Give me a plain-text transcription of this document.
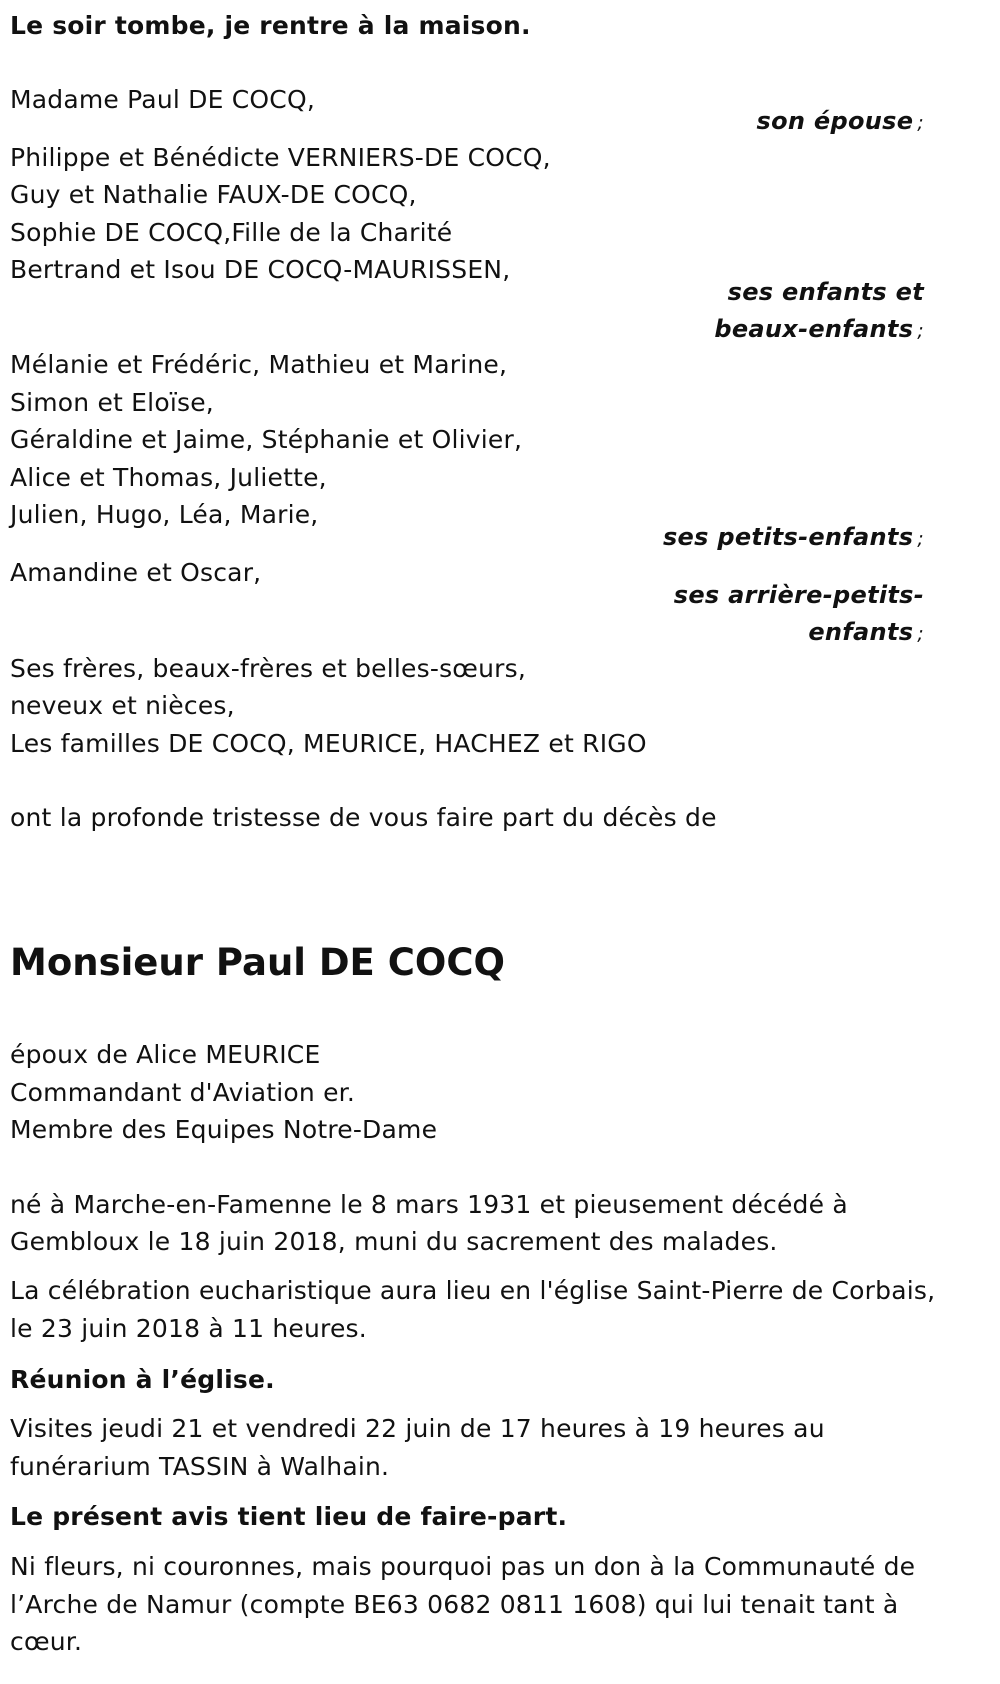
Le soir tombe, je rentre à la maison.
Madame Paul DE COCQ,
son épouse ;
Philippe et Bénédicte VERNIERS-DE COCQ,
Guy et Nathalie FAUX-DE COCQ,
Sophie DE COCQ,Fille de la Charité
Bertrand et Isou DE COCQ-MAURISSEN,
ses enfants et
beaux-enfants ;
Mélanie et Frédéric, Mathieu et Marine,
Simon et Eloïse,
Géraldine et Jaime, Stéphanie et Olivier,
Alice et Thomas, Juliette,
Julien, Hugo, Léa, Marie,
ses petits-enfants ;
Amandine et Oscar,
ses arrière-petits-
enfants ;
Ses frères, beaux-frères et belles-sœurs,
neveux et nièces,
Les familles DE COCQ, MEURICE, HACHEZ et RIGO
ont la profonde tristesse de vous faire part du décès de
Monsieur Paul DE COCQ
époux de Alice MEURICE
Commandant d'Aviation er.
Membre des Equipes Notre-Dame
né à Marche-en-Famenne le 8 mars 1931 et pieusement décédé à
Gembloux le 18 juin 2018, muni du sacrement des malades.
La célébration eucharistique aura lieu en l'église Saint-Pierre de Corbais,
le 23 juin 2018 à 11 heures.
Réunion à l’église.
Visites jeudi 21 et vendredi 22 juin de 17 heures à 19 heures au
funérarium TASSIN à Walhain.
Le présent avis tient lieu de faire-part.
Ni fleurs, ni couronnes, mais pourquoi pas un don à la Communauté de
l’Arche de Namur (compte BE63 0682 0811 1608) qui lui tenait tant à
cœur.
